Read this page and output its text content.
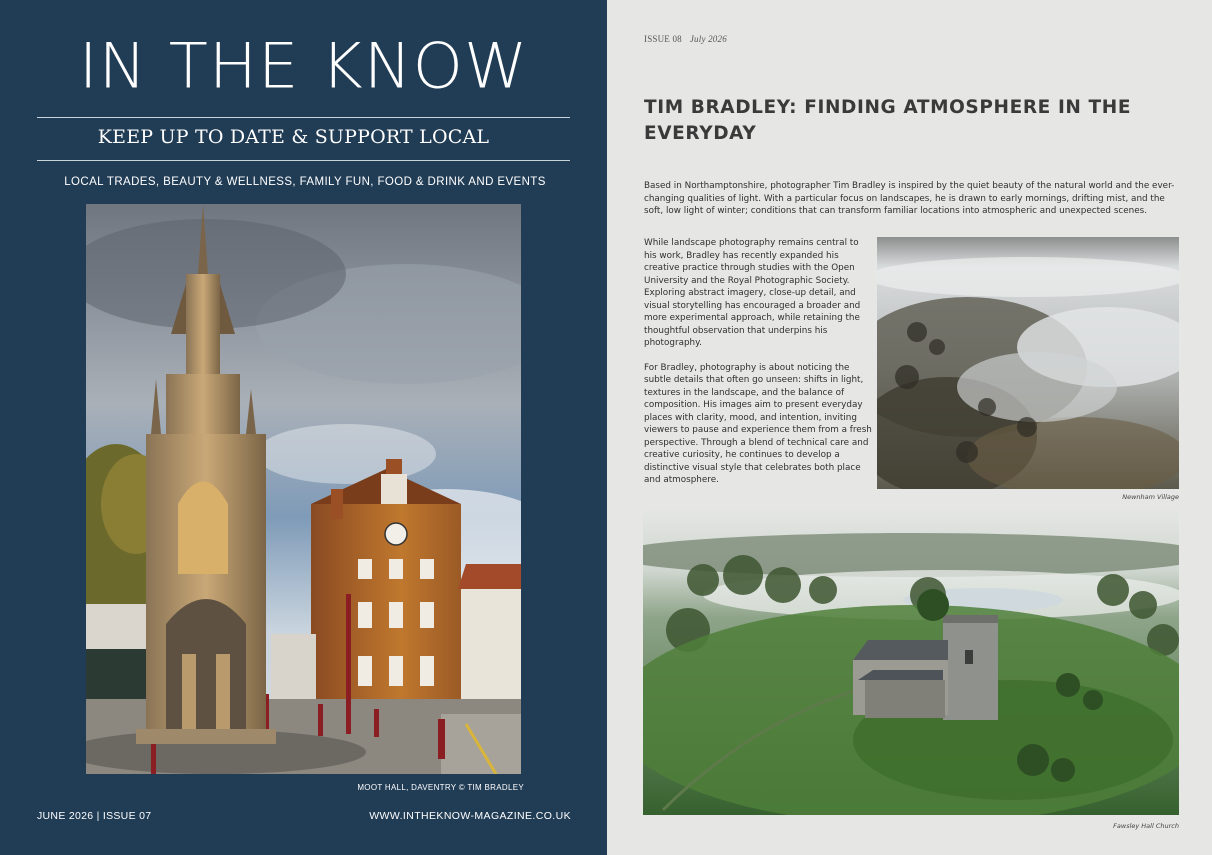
IN THE KNOW
KEEP UP TO DATE & SUPPORT LOCAL
LOCAL TRADES, BEAUTY & WELLNESS, FAMILY FUN, FOOD & DRINK AND EVENTS
MOOT HALL, DAVENTRY © TIM BRADLEY
JUNE 2026 | ISSUE 07	WWW.INTHEKNOW-MAGAZINE.CO.UK
ISSUE 08 July 2026
TIM BRADLEY: FINDING ATMOSPHERE IN THE EVERYDAY

Based in Northamptonshire, photographer Tim Bradley is inspired by the quiet beauty of the natural world and the ever-changing qualities of light. With a particular focus on landscapes, he is drawn to early mornings, drifting mist, and the soft, low light of winter; conditions that can transform familiar locations into atmospheric and unexpected scenes.

While landscape photography remains central to his work, Bradley has recently expanded his creative practice through studies with the Open University and the Royal Photographic Society. Exploring abstract imagery, close-up detail, and visual storytelling has encouraged a broader and more experimental approach, while retaining the thoughtful observation that underpins his photography.

For Bradley, photography is about noticing the subtle details that often go unseen: shifts in light, textures in the landscape, and the balance of composition. His images aim to present everyday places with clarity, mood, and intention, inviting viewers to pause and experience them from a fresh perspective. Through a blend of technical care and creative curiosity, he continues to develop a distinctive visual style that celebrates both place and atmosphere.

Newnham Village
Fawsley Hall Church
